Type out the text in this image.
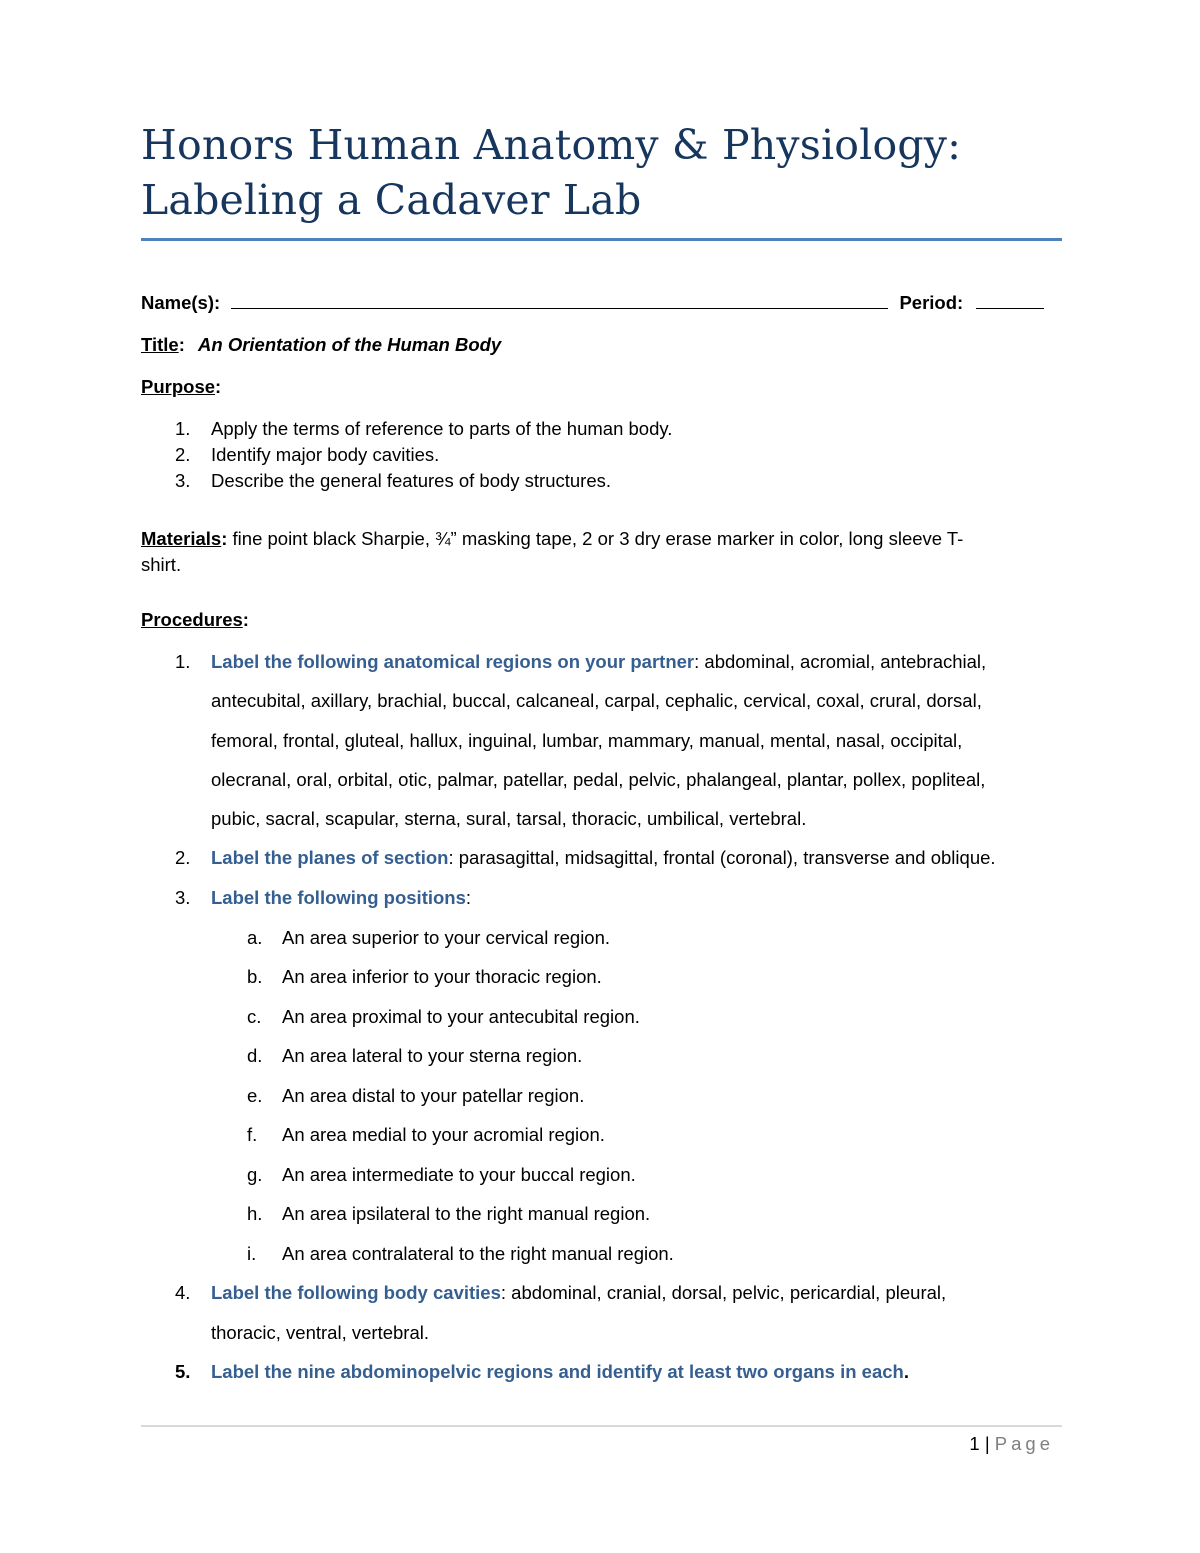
Honors Human Anatomy & Physiology:
Labeling a Cadaver Lab
Name(s):	Period:
Title: An Orientation of the Human Body
Purpose:
1.	Apply the terms of reference to parts of the human body.
2.	Identify major body cavities.
3.	Describe the general features of body structures.
Materials: fine point black Sharpie, ¾” masking tape, 2 or 3 dry erase marker in color, long sleeve T-
shirt.
Procedures:
1.	Label the following anatomical regions on your partner: abdominal, acromial, antebrachial,
antecubital, axillary, brachial, buccal, calcaneal, carpal, cephalic, cervical, coxal, crural, dorsal,
femoral, frontal, gluteal, hallux, inguinal, lumbar, mammary, manual, mental, nasal, occipital,
olecranal, oral, orbital, otic, palmar, patellar, pedal, pelvic, phalangeal, plantar, pollex, popliteal,
pubic, sacral, scapular, sterna, sural, tarsal, thoracic, umbilical, vertebral.
2.	Label the planes of section: parasagittal, midsagittal, frontal (coronal), transverse and oblique.
3.	Label the following positions:
a.	An area superior to your cervical region.
b.	An area inferior to your thoracic region.
c.	An area proximal to your antecubital region.
d.	An area lateral to your sterna region.
e.	An area distal to your patellar region.
f.	An area medial to your acromial region.
g.	An area intermediate to your buccal region.
h.	An area ipsilateral to the right manual region.
i.	An area contralateral to the right manual region.
4.	Label the following body cavities: abdominal, cranial, dorsal, pelvic, pericardial, pleural,
thoracic, ventral, vertebral.
5.	Label the nine abdominopelvic regions and identify at least two organs in each.
1 | Page
